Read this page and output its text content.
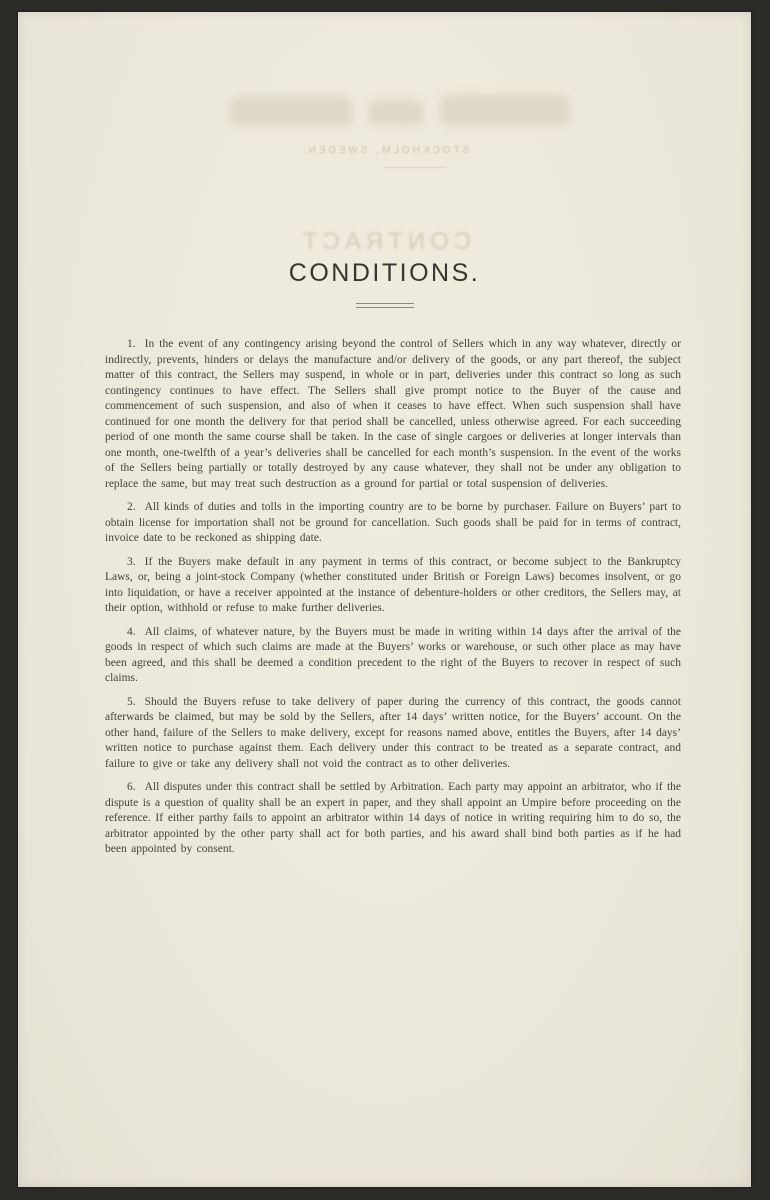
STOCKHOLM, SWEDEN.
CONTRACT
CONDITIONS.

1. In the event of any contingency arising beyond the control of Sellers which in any way whatever, directly or indirectly, prevents, hinders or delays the manufacture and/or delivery of the goods, or any part thereof, the subject matter of this contract, the Sellers may suspend, in whole or in part, deliveries under this contract so long as such contingency continues to have effect. The Sellers shall give prompt notice to the Buyer of the cause and commencement of such suspension, and also of when it ceases to have effect. When such suspension shall have continued for one month the delivery for that period shall be cancelled, unless otherwise agreed. For each succeeding period of one month the same course shall be taken. In the case of single cargoes or deliveries at longer intervals than one month, one-twelfth of a year’s deliveries shall be cancelled for each month’s suspension. In the event of the works of the Sellers being partially or totally destroyed by any cause whatever, they shall not be under any obligation to replace the same, but may treat such destruction as a ground for partial or total suspension of deliveries.

2. All kinds of duties and tolls in the importing country are to be borne by purchaser. Failure on Buyers’ part to obtain license for importation shall not be ground for cancellation. Such goods shall be paid for in terms of contract, invoice date to be reckoned as shipping date.

3. If the Buyers make default in any payment in terms of this contract, or become subject to the Bankruptcy Laws, or, being a joint-stock Company (whether constituted under British or Foreign Laws) becomes insolvent, or go into liquidation, or have a receiver appointed at the instance of debenture-holders or other creditors, the Sellers may, at their option, withhold or refuse to make further deliveries.

4. All claims, of whatever nature, by the Buyers must be made in writing within 14 days after the arrival of the goods in respect of which such claims are made at the Buyers’ works or warehouse, or such other place as may have been agreed, and this shall be deemed a condition precedent to the right of the Buyers to recover in respect of such claims.

5. Should the Buyers refuse to take delivery of paper during the currency of this contract, the goods cannot afterwards be claimed, but may be sold by the Sellers, after 14 days’ written notice, for the Buyers’ account. On the other hand, failure of the Sellers to make delivery, except for reasons named above, entitles the Buyers, after 14 days’ written notice to purchase against them. Each delivery under this contract to be treated as a separate contract, and failure to give or take any delivery shall not void the contract as to other deliveries.

6. All disputes under this contract shall be settled by Arbitration. Each party may appoint an arbitrator, who if the dispute is a question of quality shall be an expert in paper, and they shall appoint an Umpire before proceeding on the reference. If either parthy fails to appoint an arbitrator within 14 days of notice in writing requiring him to do so, the arbitrator appointed by the other party shall act for both parties, and his award shall bind both parties as if he had been appointed by consent.
